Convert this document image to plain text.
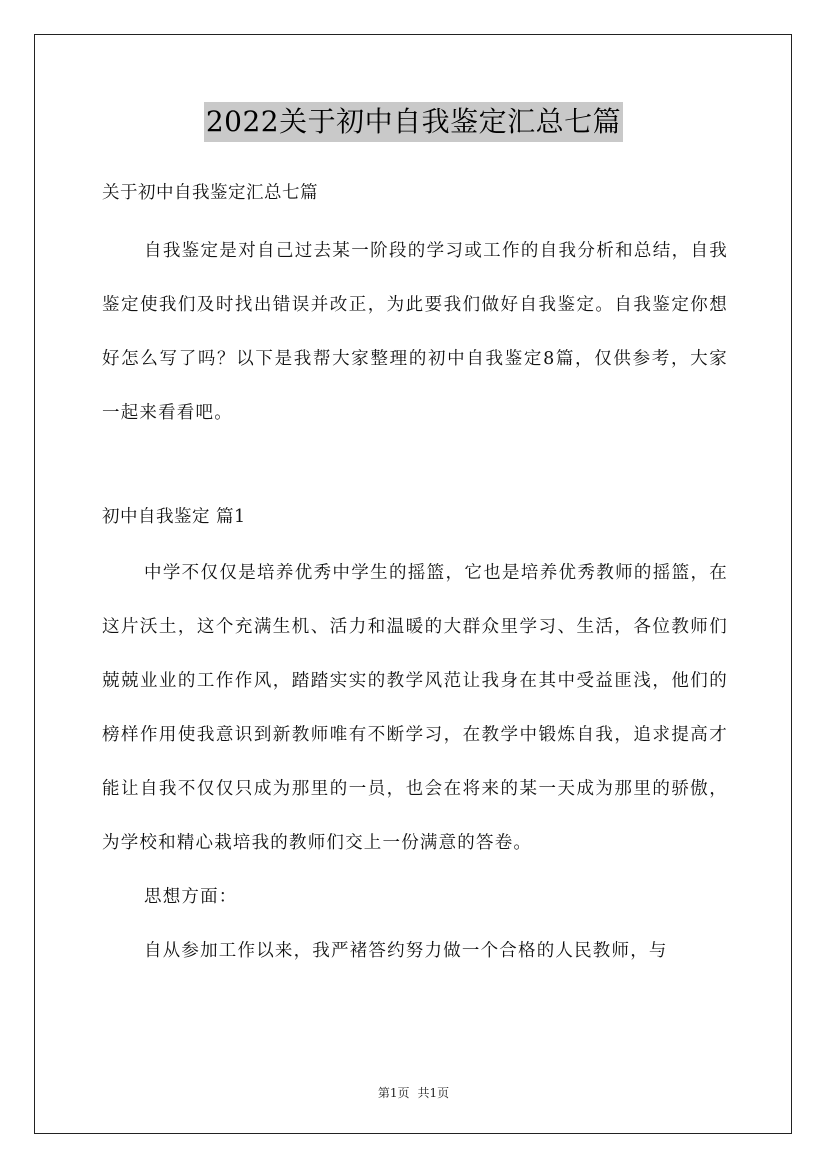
2022关于初中自我鉴定汇总七篇

关于初中自我鉴定汇总七篇

自我鉴定是对自己过去某一阶段的学习或工作的自我分析和总结，自我鉴定使我们及时找出错误并改正，为此要我们做好自我鉴定。自我鉴定你想好怎么写了吗？以下是我帮大家整理的初中自我鉴定8篇，仅供参考，大家一起来看看吧。

初中自我鉴定 篇1

中学不仅仅是培养优秀中学生的摇篮，它也是培养优秀教师的摇篮，在这片沃土，这个充满生机、活力和温暖的大群众里学习、生活，各位教师们兢兢业业的工作作风，踏踏实实的教学风范让我身在其中受益匪浅，他们的榜样作用使我意识到新教师唯有不断学习，在教学中锻炼自我，追求提高才能让自我不仅仅只成为那里的一员，也会在将来的某一天成为那里的骄傲，为学校和精心栽培我的教师们交上一份满意的答卷。

思想方面：

自从参加工作以来，我严褚答约努力做一个合格的人民教师，与

第1页 共1页
